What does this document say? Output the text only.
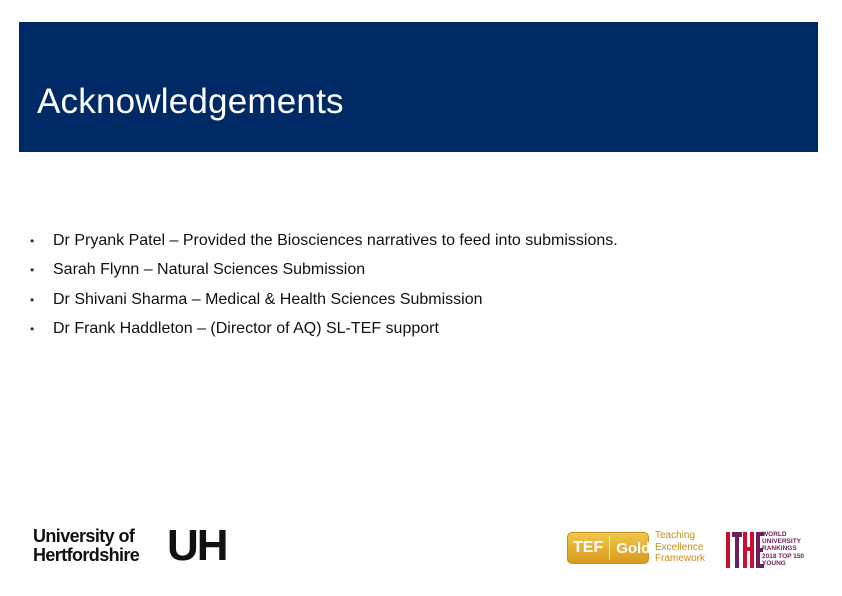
Acknowledgements
•	Dr Pryank Patel – Provided the Biosciences narratives to feed into submissions.
•	Sarah Flynn – Natural Sciences Submission
•	Dr Shivani Sharma – Medical & Health Sciences Submission
•	Dr Frank Haddleton – (Director of AQ) SL-TEF support
University of
Hertfordshire UH	TEF Gold
Teaching
Excellence
Framework
WORLD
UNIVERSITY
RANKINGS
2018 TOP 150
YOUNG
